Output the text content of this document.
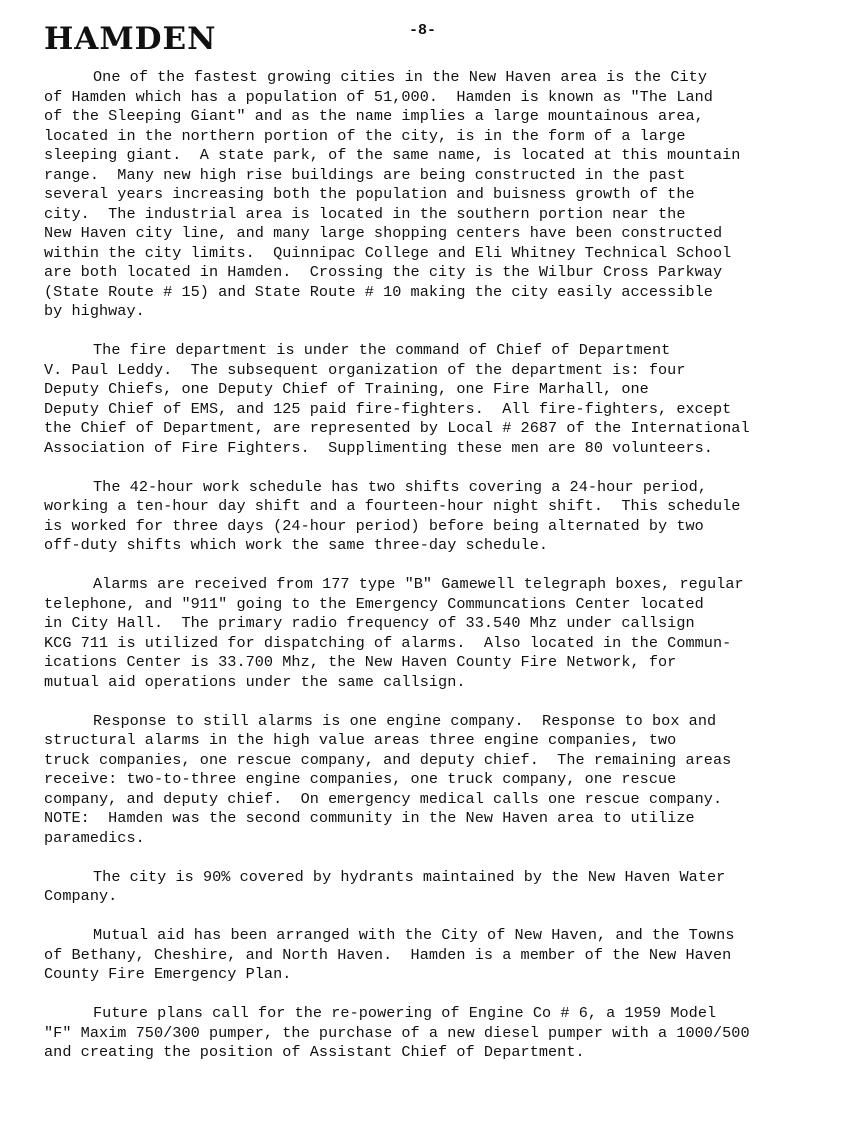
-8-
HAMDEN
One of the fastest growing cities in the New Haven area is the City
of Hamden which has a population of 51,000.  Hamden is known as "The Land
of the Sleeping Giant" and as the name implies a large mountainous area,
located in the northern portion of the city, is in the form of a large
sleeping giant.  A state park, of the same name, is located at this mountain
range.  Many new high rise buildings are being constructed in the past
several years increasing both the population and buisness growth of the
city.  The industrial area is located in the southern portion near the
New Haven city line, and many large shopping centers have been constructed
within the city limits.  Quinnipac College and Eli Whitney Technical School
are both located in Hamden.  Crossing the city is the Wilbur Cross Parkway
(State Route # 15) and State Route # 10 making the city easily accessible
by highway.
The fire department is under the command of Chief of Department
V. Paul Leddy.  The subsequent organization of the department is: four
Deputy Chiefs, one Deputy Chief of Training, one Fire Marhall, one
Deputy Chief of EMS, and 125 paid fire-fighters.  All fire-fighters, except
the Chief of Department, are represented by Local # 2687 of the International
Association of Fire Fighters.  Supplimenting these men are 80 volunteers.
The 42-hour work schedule has two shifts covering a 24-hour period,
working a ten-hour day shift and a fourteen-hour night shift.  This schedule
is worked for three days (24-hour period) before being alternated by two
off-duty shifts which work the same three-day schedule.
Alarms are received from 177 type "B" Gamewell telegraph boxes, regular
telephone, and "911" going to the Emergency Communcations Center located
in City Hall.  The primary radio frequency of 33.540 Mhz under callsign
KCG 711 is utilized for dispatching of alarms.  Also located in the Commun-
ications Center is 33.700 Mhz, the New Haven County Fire Network, for
mutual aid operations under the same callsign.
Response to still alarms is one engine company.  Response to box and
structural alarms in the high value areas three engine companies, two
truck companies, one rescue company, and deputy chief.  The remaining areas
receive: two-to-three engine companies, one truck company, one rescue
company, and deputy chief.  On emergency medical calls one rescue company.
NOTE:  Hamden was the second community in the New Haven area to utilize
paramedics.
The city is 90% covered by hydrants maintained by the New Haven Water
Company.
Mutual aid has been arranged with the City of New Haven, and the Towns
of Bethany, Cheshire, and North Haven.  Hamden is a member of the New Haven
County Fire Emergency Plan.
Future plans call for the re-powering of Engine Co # 6, a 1959 Model
"F" Maxim 750/300 pumper, the purchase of a new diesel pumper with a 1000/500
and creating the position of Assistant Chief of Department.
